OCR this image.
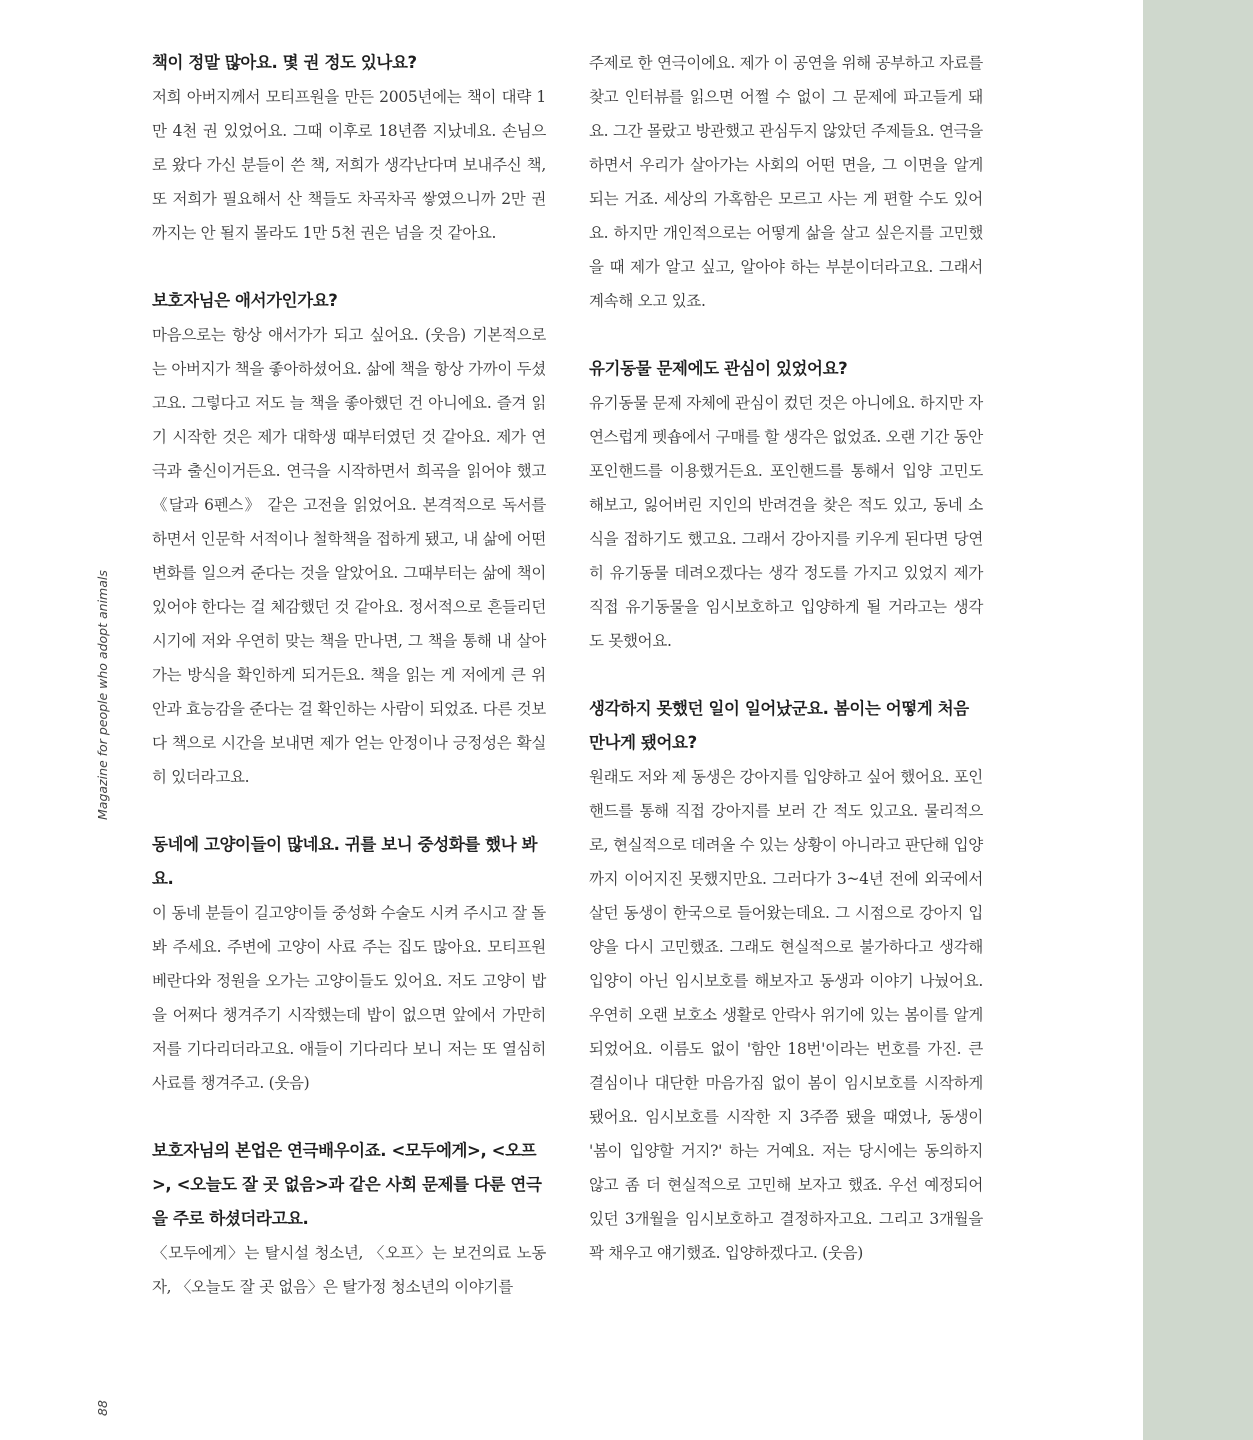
Magazine for people who adopt animals
88

책이 정말 많아요. 몇 권 정도 있나요?

저희 아버지께서 모티프원을 만든 2005년에는 책이 대략 1만 4천 권 있었어요. 그때 이후로 18년쯤 지났네요. 손님으로 왔다 가신 분들이 쓴 책, 저희가 생각난다며 보내주신 책, 또 저희가 필요해서 산 책들도 차곡차곡 쌓였으니까 2만 권까지는 안 될지 몰라도 1만 5천 권은 넘을 것 같아요.

보호자님은 애서가인가요?

마음으로는 항상 애서가가 되고 싶어요. (웃음) 기본적으로는 아버지가 책을 좋아하셨어요. 삶에 책을 항상 가까이 두셨고요. 그렇다고 저도 늘 책을 좋아했던 건 아니에요. 즐겨 읽기 시작한 것은 제가 대학생 때부터였던 것 같아요. 제가 연극과 출신이거든요. 연극을 시작하면서 희곡을 읽어야 했고 《달과 6펜스》 같은 고전을 읽었어요. 본격적으로 독서를 하면서 인문학 서적이나 철학책을 접하게 됐고, 내 삶에 어떤 변화를 일으켜 준다는 것을 알았어요. 그때부터는 삶에 책이 있어야 한다는 걸 체감했던 것 같아요. 정서적으로 흔들리던 시기에 저와 우연히 맞는 책을 만나면, 그 책을 통해 내 살아가는 방식을 확인하게 되거든요. 책을 읽는 게 저에게 큰 위안과 효능감을 준다는 걸 확인하는 사람이 되었죠. 다른 것보다 책으로 시간을 보내면 제가 얻는 안정이나 긍정성은 확실히 있더라고요.

동네에 고양이들이 많네요. 귀를 보니 중성화를 했나 봐요.

이 동네 분들이 길고양이들 중성화 수술도 시켜 주시고 잘 돌봐 주세요. 주변에 고양이 사료 주는 집도 많아요. 모티프원 베란다와 정원을 오가는 고양이들도 있어요. 저도 고양이 밥을 어쩌다 챙겨주기 시작했는데 밥이 없으면 앞에서 가만히 저를 기다리더라고요. 애들이 기다리다 보니 저는 또 열심히 사료를 챙겨주고. (웃음)

보호자님의 본업은 연극배우이죠. <모두에게>, <오프>, <오늘도 잘 곳 없음>과 같은 사회 문제를 다룬 연극을 주로 하셨더라고요.

〈모두에게〉는 탈시설 청소년, 〈오프〉는 보건의료 노동자, 〈오늘도 잘 곳 없음〉은 탈가정 청소년의 이야기를

주제로 한 연극이에요. 제가 이 공연을 위해 공부하고 자료를 찾고 인터뷰를 읽으면 어쩔 수 없이 그 문제에 파고들게 돼요. 그간 몰랐고 방관했고 관심두지 않았던 주제들요. 연극을 하면서 우리가 살아가는 사회의 어떤 면을, 그 이면을 알게 되는 거죠. 세상의 가혹함은 모르고 사는 게 편할 수도 있어요. 하지만 개인적으로는 어떻게 삶을 살고 싶은지를 고민했을 때 제가 알고 싶고, 알아야 하는 부분이더라고요. 그래서 계속해 오고 있죠.

유기동물 문제에도 관심이 있었어요?

유기동물 문제 자체에 관심이 컸던 것은 아니에요. 하지만 자연스럽게 펫숍에서 구매를 할 생각은 없었죠. 오랜 기간 동안 포인핸드를 이용했거든요. 포인핸드를 통해서 입양 고민도 해보고, 잃어버린 지인의 반려견을 찾은 적도 있고, 동네 소식을 접하기도 했고요. 그래서 강아지를 키우게 된다면 당연히 유기동물 데려오겠다는 생각 정도를 가지고 있었지 제가 직접 유기동물을 임시보호하고 입양하게 될 거라고는 생각도 못했어요.

생각하지 못했던 일이 일어났군요. 봄이는 어떻게 처음 만나게 됐어요?

원래도 저와 제 동생은 강아지를 입양하고 싶어 했어요. 포인핸드를 통해 직접 강아지를 보러 간 적도 있고요. 물리적으로, 현실적으로 데려올 수 있는 상황이 아니라고 판단해 입양까지 이어지진 못했지만요. 그러다가 3~4년 전에 외국에서 살던 동생이 한국으로 들어왔는데요. 그 시점으로 강아지 입양을 다시 고민했죠. 그래도 현실적으로 불가하다고 생각해 입양이 아닌 임시보호를 해보자고 동생과 이야기 나눴어요. 우연히 오랜 보호소 생활로 안락사 위기에 있는 봄이를 알게 되었어요. 이름도 없이 '함안 18번'이라는 번호를 가진. 큰 결심이나 대단한 마음가짐 없이 봄이 임시보호를 시작하게 됐어요. 임시보호를 시작한 지 3주쯤 됐을 때였나, 동생이 '봄이 입양할 거지?' 하는 거예요. 저는 당시에는 동의하지 않고 좀 더 현실적으로 고민해 보자고 했죠. 우선 예정되어 있던 3개월을 임시보호하고 결정하자고요. 그리고 3개월을 꽉 채우고 얘기했죠. 입양하겠다고. (웃음)
